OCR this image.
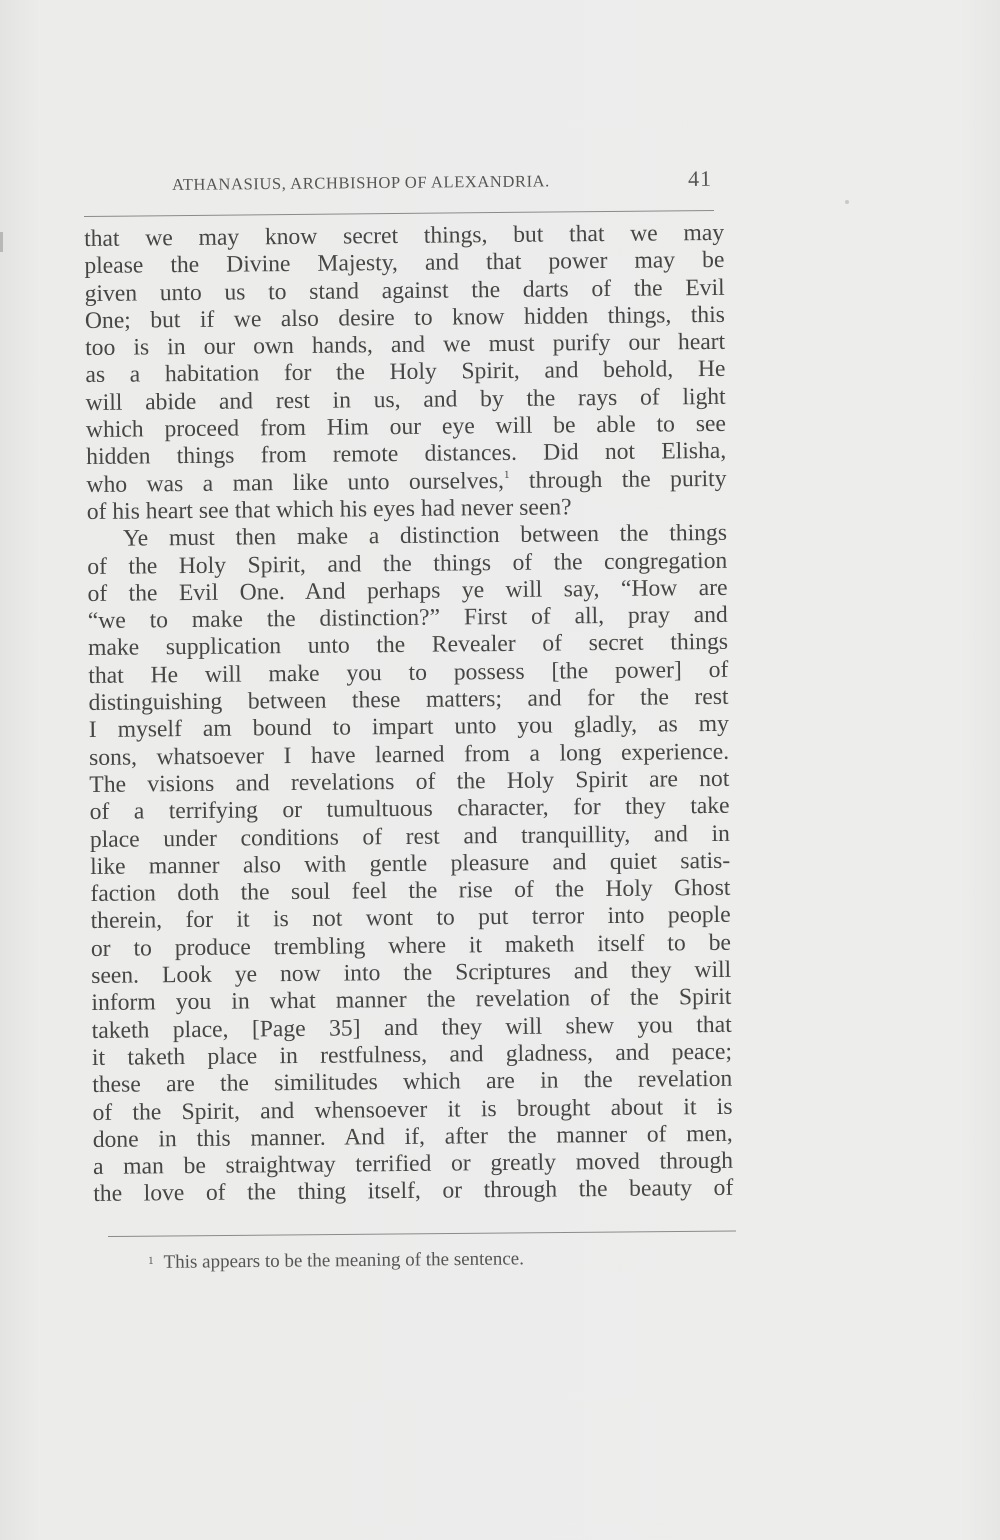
ATHANASIUS, ARCHBISHOP OF ALEXANDRIA.	41
that we may know secret things, but that we may
please the Divine Majesty, and that power may be
given unto us to stand against the darts of the Evil
One; but if we also desire to know hidden things, this
too is in our own hands, and we must purify our heart
as a habitation for the Holy Spirit, and behold, He
will abide and rest in us, and by the rays of light
which proceed from Him our eye will be able to see
hidden things from remote distances. Did not Elisha,
who was a man like unto ourselves,$^1$ through the purity
of his heart see that which his eyes had never seen?
Ye must then make a distinction between the things
of the Holy Spirit, and the things of the congregation
of the Evil One. And perhaps ye will say, “How are
“we to make the distinction?” First of all, pray and
make supplication unto the Revealer of secret things
that He will make you to possess [the power] of
distinguishing between these matters; and for the rest
I myself am bound to impart unto you gladly, as my
sons, whatsoever I have learned from a long experience.
The visions and revelations of the Holy Spirit are not
of a terrifying or tumultuous character, for they take
place under conditions of rest and tranquillity, and in
like manner also with gentle pleasure and quiet satis-
faction doth the soul feel the rise of the Holy Ghost
therein, for it is not wont to put terror into people
or to produce trembling where it maketh itself to be
seen. Look ye now into the Scriptures and they will
inform you in what manner the revelation of the Spirit
taketh place, [Page 35] and they will shew you that
it taketh place in restfulness, and gladness, and peace;
these are the similitudes which are in the revelation
of the Spirit, and whensoever it is brought about it is
done in this manner. And if, after the manner of men,
a man be straightway terrified or greatly moved through
the love of the thing itself, or through the beauty of
$^1$ This appears to be the meaning of the sentence.
